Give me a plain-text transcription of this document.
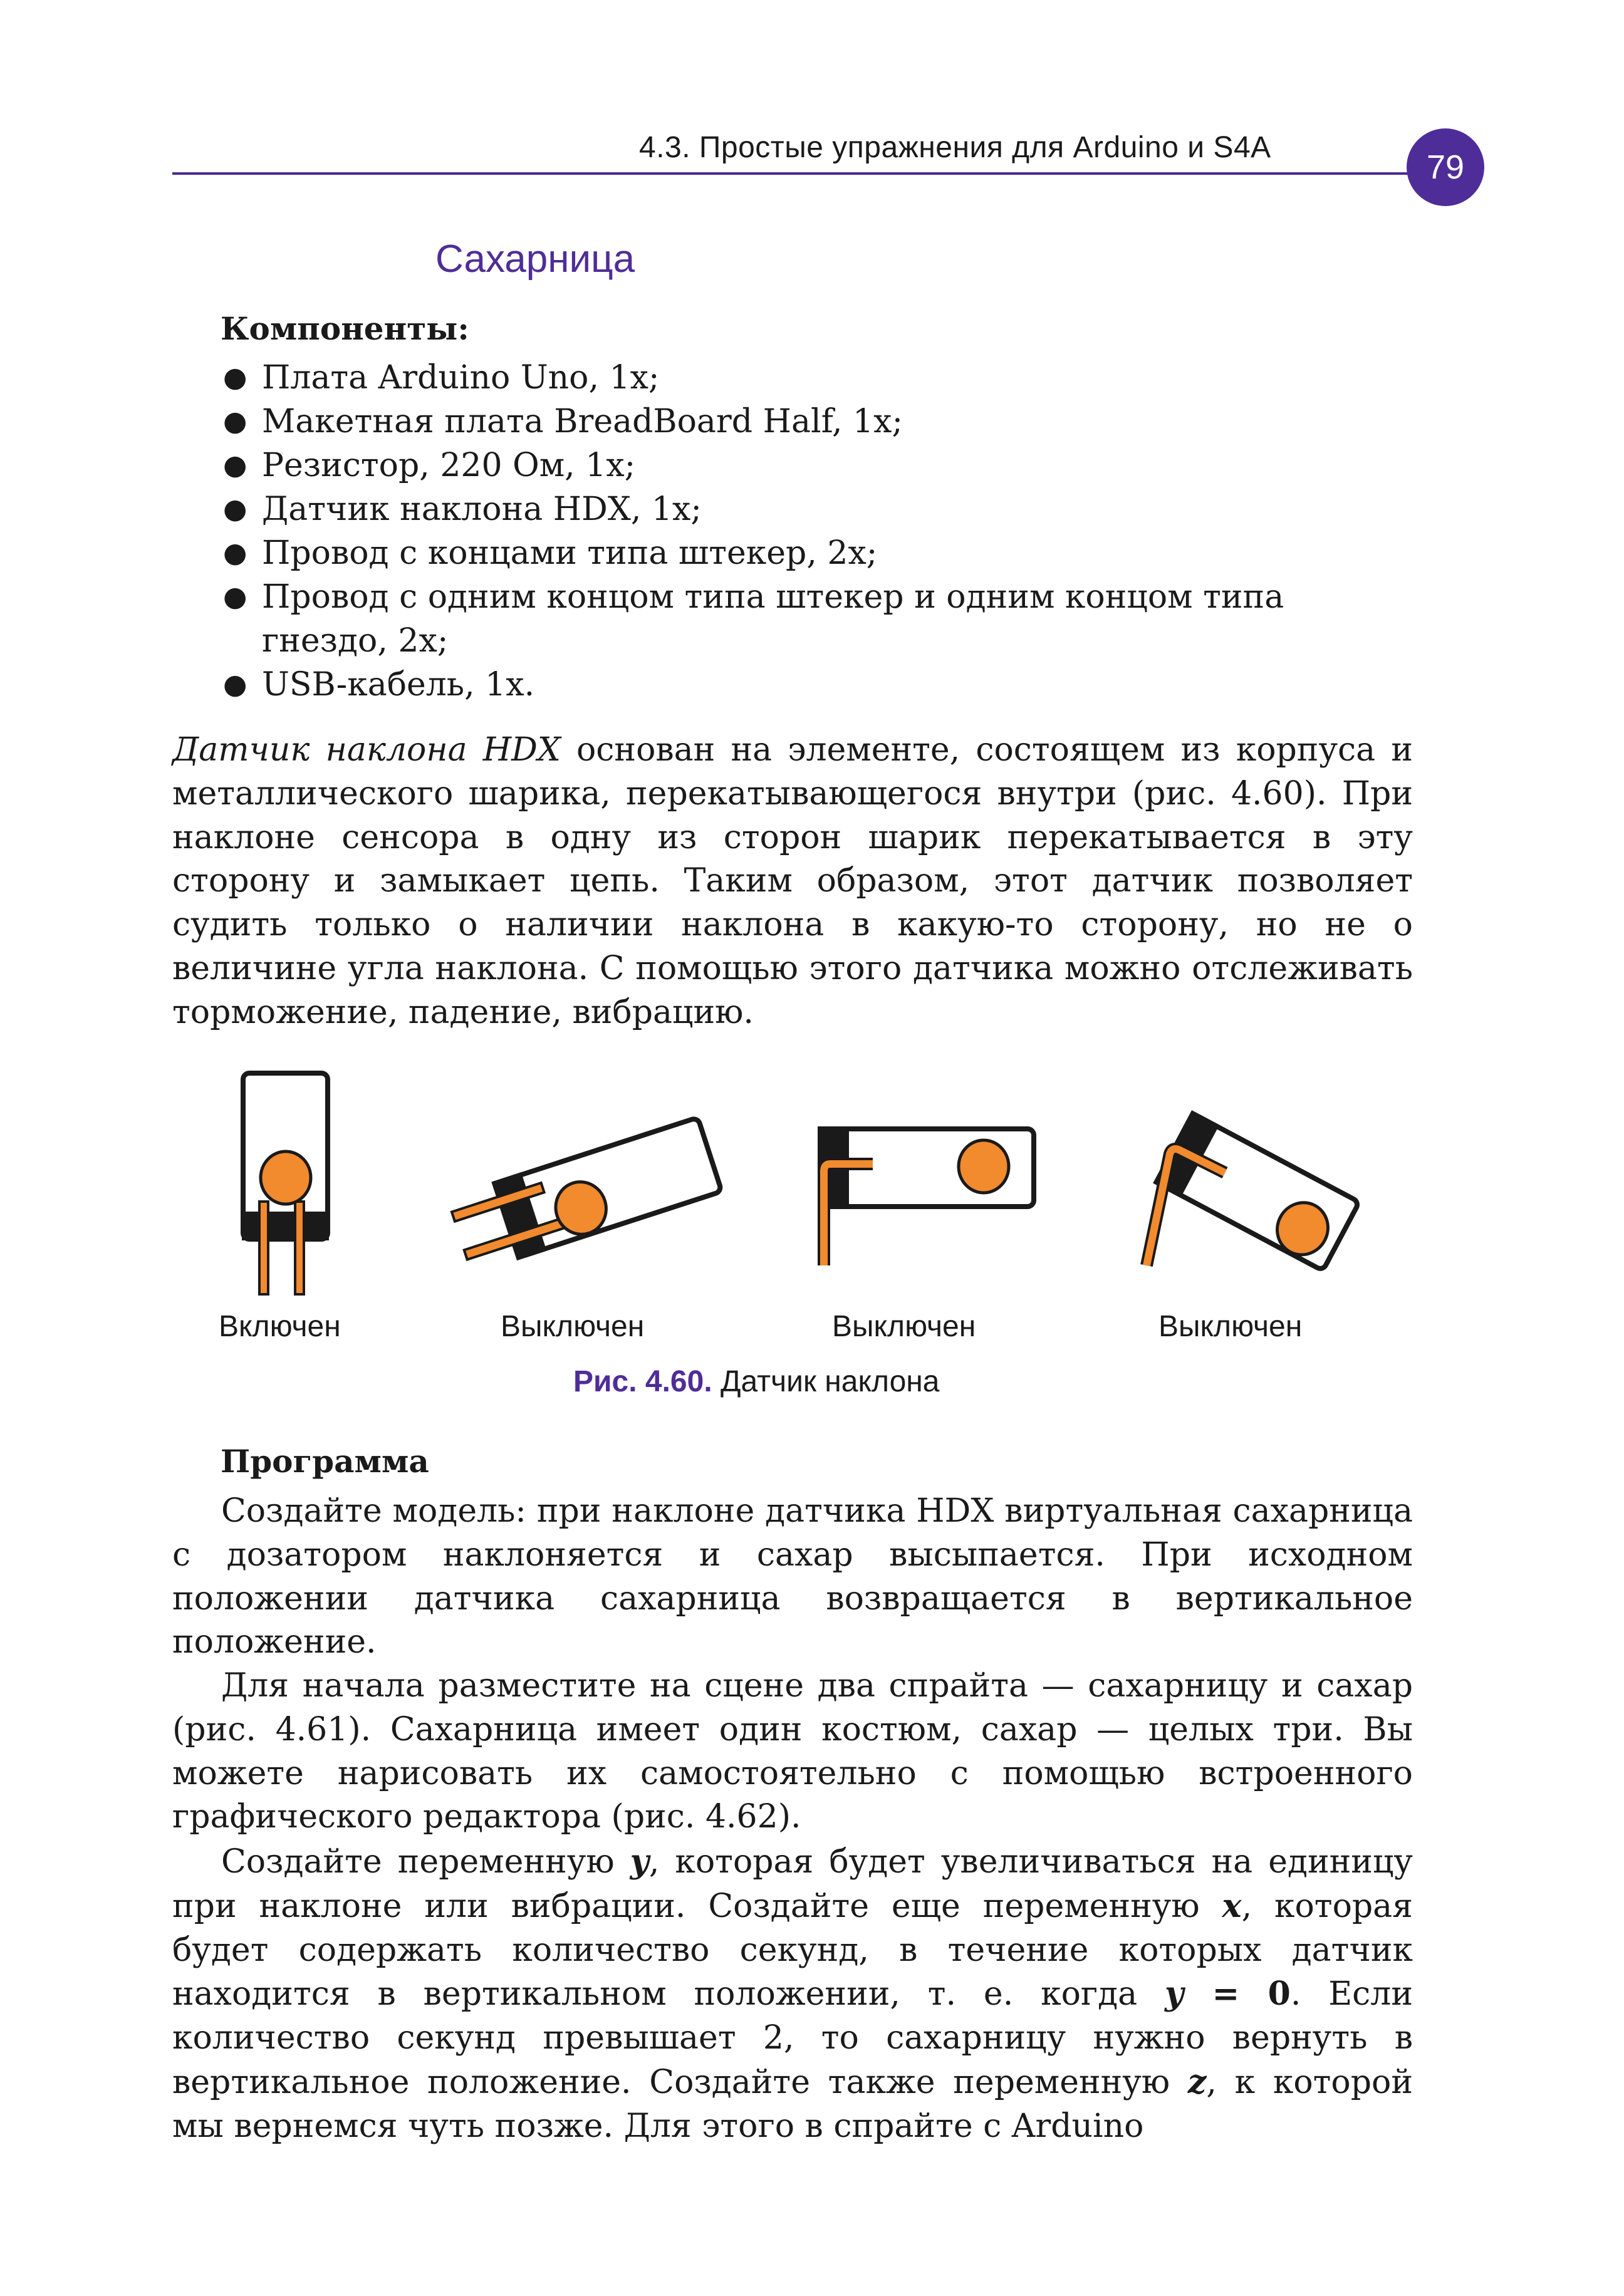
4.3. Простые упражнения для Arduino и S4A
79
Сахарница
Компоненты:
● Плата Arduino Uno, 1x;
● Макетная плата BreadBoard Half, 1x;
● Резистор, 220 Ом, 1x;
● Датчик наклона HDX, 1x;
● Провод с концами типа штекер, 2x;
● Провод с одним концом типа штекер и одним концом типа гнездо, 2x;
● USB-кабель, 1x.

Датчик наклона HDX основан на элементе, состоящем из корпуса и металлического шарика, перекатывающегося внутри (рис. 4.60). При наклоне сенсора в одну из сторон шарик перекатывается в эту сторону и замыкает цепь. Таким образом, этот датчик позволяет судить только о наличии наклона в какую-то сторону, но не о величине угла наклона. С помощью этого датчика можно отслеживать торможение, падение, вибрацию.

Включен	Выключен	Выключен	Выключен
Рис. 4.60. Датчик наклона
Программа

Создайте модель: при наклоне датчика HDX виртуальная сахарница с дозатором наклоняется и сахар высыпается. При исходном положении датчика сахарница возвращается в вертикальное положение.

Для начала разместите на сцене два спрайта — сахарницу и сахар (рис. 4.61). Сахарница имеет один костюм, сахар — целых три. Вы можете нарисовать их самостоятельно с помощью встроенного графического редактора (рис. 4.62).

Создайте переменную y, которая будет увеличиваться на единицу при наклоне или вибрации. Создайте еще переменную x, которая будет содержать количество секунд, в течение которых датчик находится в вертикальном положении, т. е. когда y = 0. Если количество секунд превышает 2, то сахарницу нужно вернуть в вертикальное положение. Создайте также переменную z, к которой мы вернемся чуть позже. Для этого в спрайте с Arduino
